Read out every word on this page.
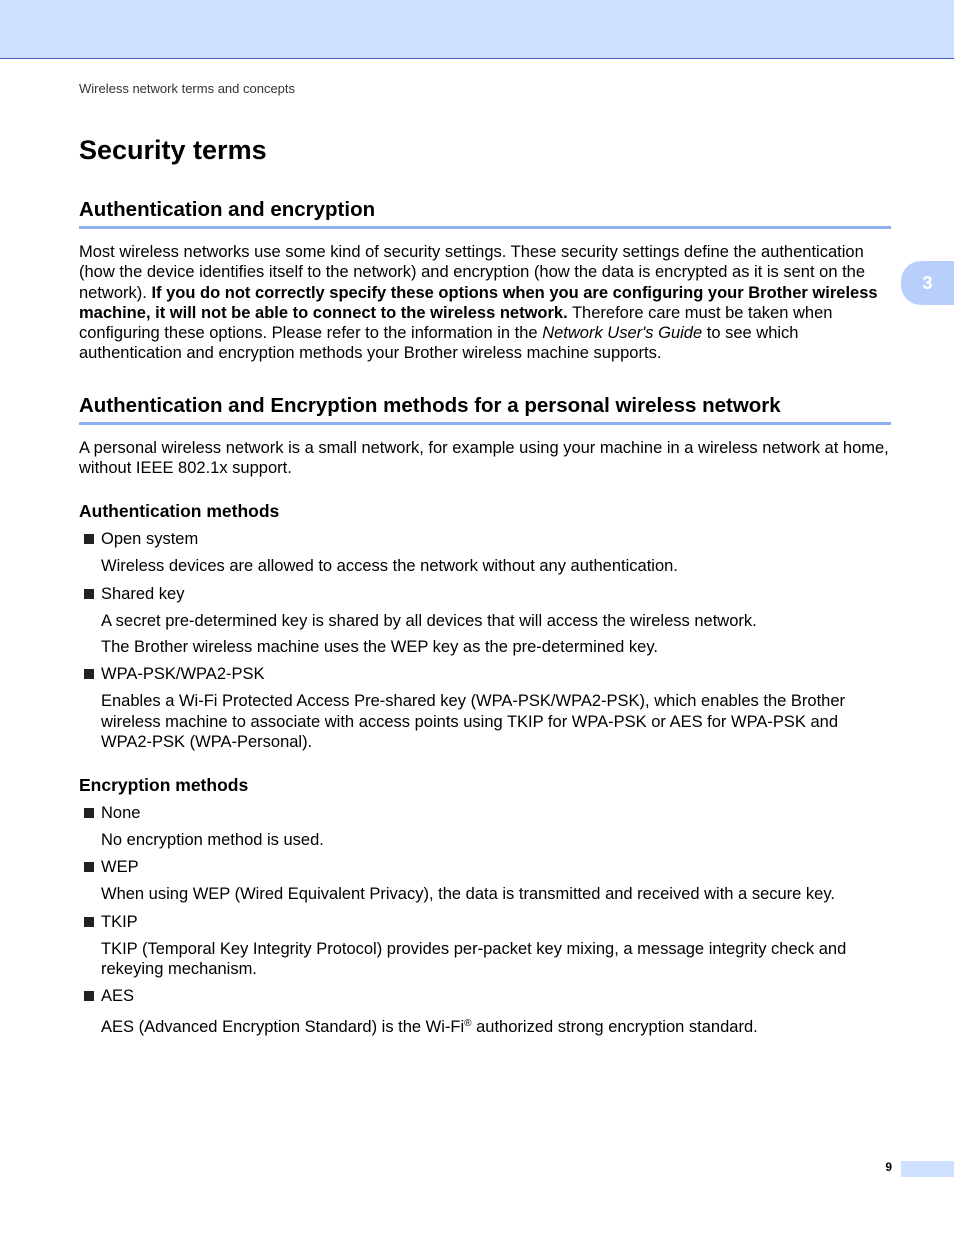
Wireless network terms and concepts
3
Security terms
Authentication and encryption

Most wireless networks use some kind of security settings. These security settings define the authentication (how the device identifies itself to the network) and encryption (how the data is encrypted as it is sent on the network). If you do not correctly specify these options when you are configuring your Brother wireless machine, it will not be able to connect to the wireless network. Therefore care must be taken when configuring these options. Please refer to the information in the Network User's Guide to see which authentication and encryption methods your Brother wireless machine supports.

Authentication and Encryption methods for a personal wireless network

A personal wireless network is a small network, for example using your machine in a wireless network at home, without IEEE 802.1x support.

Authentication methods
Open system
Wireless devices are allowed to access the network without any authentication.
Shared key
A secret pre-determined key is shared by all devices that will access the wireless network.
The Brother wireless machine uses the WEP key as the pre-determined key.
WPA-PSK/WPA2-PSK
Enables a Wi-Fi Protected Access Pre-shared key (WPA-PSK/WPA2-PSK), which enables the Brother wireless machine to associate with access points using TKIP for WPA-PSK or AES for WPA-PSK and WPA2-PSK (WPA-Personal).
Encryption methods
None
No encryption method is used.
WEP
When using WEP (Wired Equivalent Privacy), the data is transmitted and received with a secure key.
TKIP
TKIP (Temporal Key Integrity Protocol) provides per-packet key mixing, a message integrity check and rekeying mechanism.
AES
AES (Advanced Encryption Standard) is the Wi-Fi® authorized strong encryption standard.
9
